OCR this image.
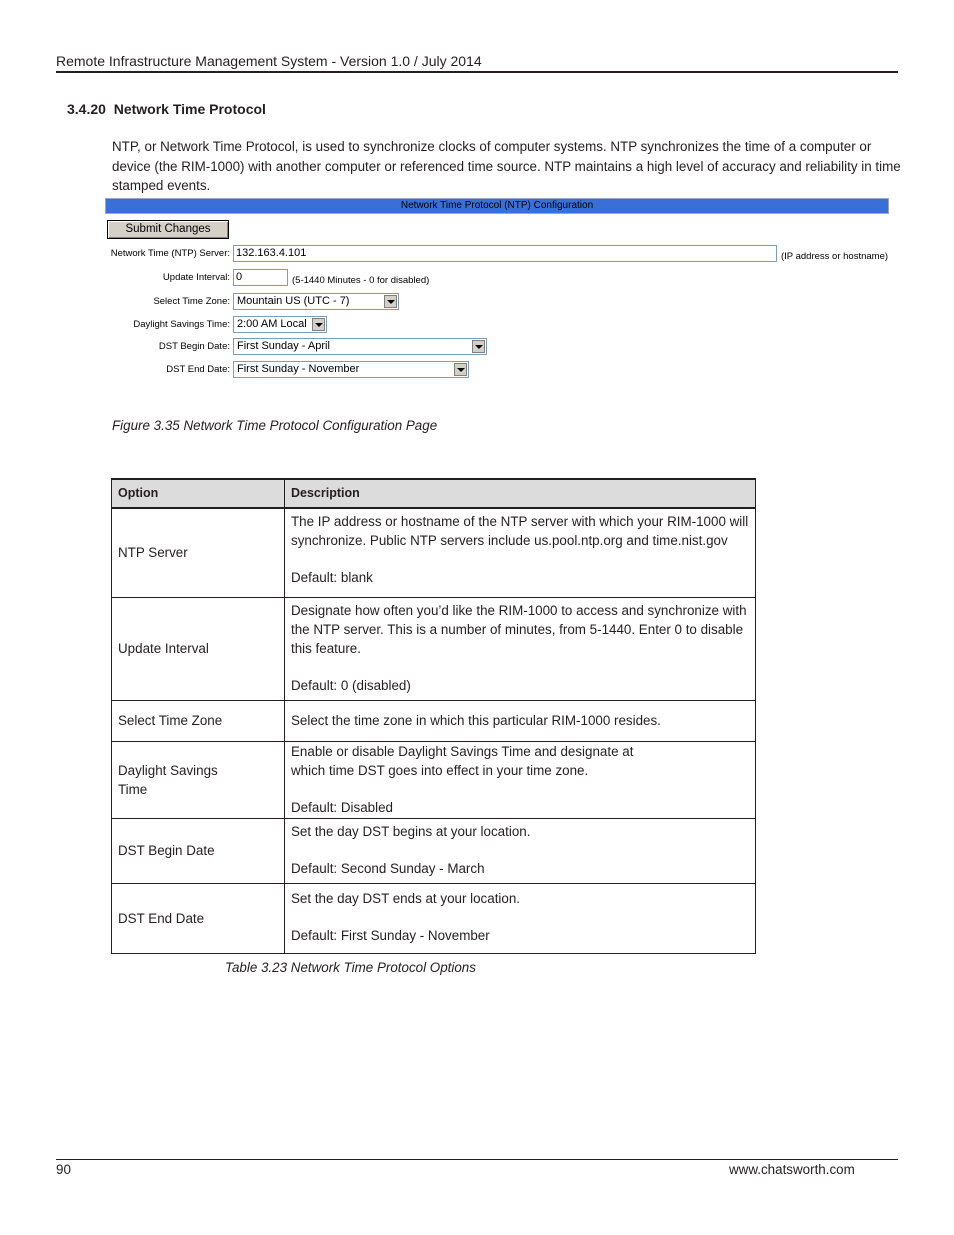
Remote Infrastructure Management System - Version 1.0 / July 2014
3.4.20  Network Time Protocol
NTP, or Network Time Protocol, is used to synchronize clocks of computer systems. NTP synchronizes the time of a computer or device (the RIM-1000) with another computer or referenced time source. NTP maintains a high level of accuracy and reliability in time stamped events.
Network Time Protocol (NTP) Configuration
Submit Changes
Network Time (NTP) Server: 132.163.4.101	(IP address or hostname)
Update Interval: 0	(5-1440 Minutes - 0 for disabled)
Select Time Zone: Mountain US (UTC - 7)
Daylight Savings Time: 2:00 AM Local
DST Begin Date: First Sunday - April
DST End Date: First Sunday - November
Figure 3.35 Network Time Protocol Configuration Page
Option	Description
NTP Server	The IP address or hostname of the NTP server with which your RIM-1000 will synchronize. Public NTP servers include us.pool.ntp.org and time.nist.gov

Default: blank

Update Interval	Designate how often you’d like the RIM-1000 to access and synchronize with the NTP server. This is a number of minutes, from 5-1440. Enter 0 to disable this feature.

Default: 0 (disabled)

Select Time Zone	Select the time zone in which this particular RIM-1000 resides.

Daylight Savings Time	Enable or disable Daylight Savings Time and designate at which time DST goes into effect in your time zone.

Default: Disabled

DST Begin Date	Set the day DST begins at your location.

Default: Second Sunday - March

DST End Date	Set the day DST ends at your location.

Default: First Sunday - November

Table 3.23 Network Time Protocol Options
90	www.chatsworth.com
